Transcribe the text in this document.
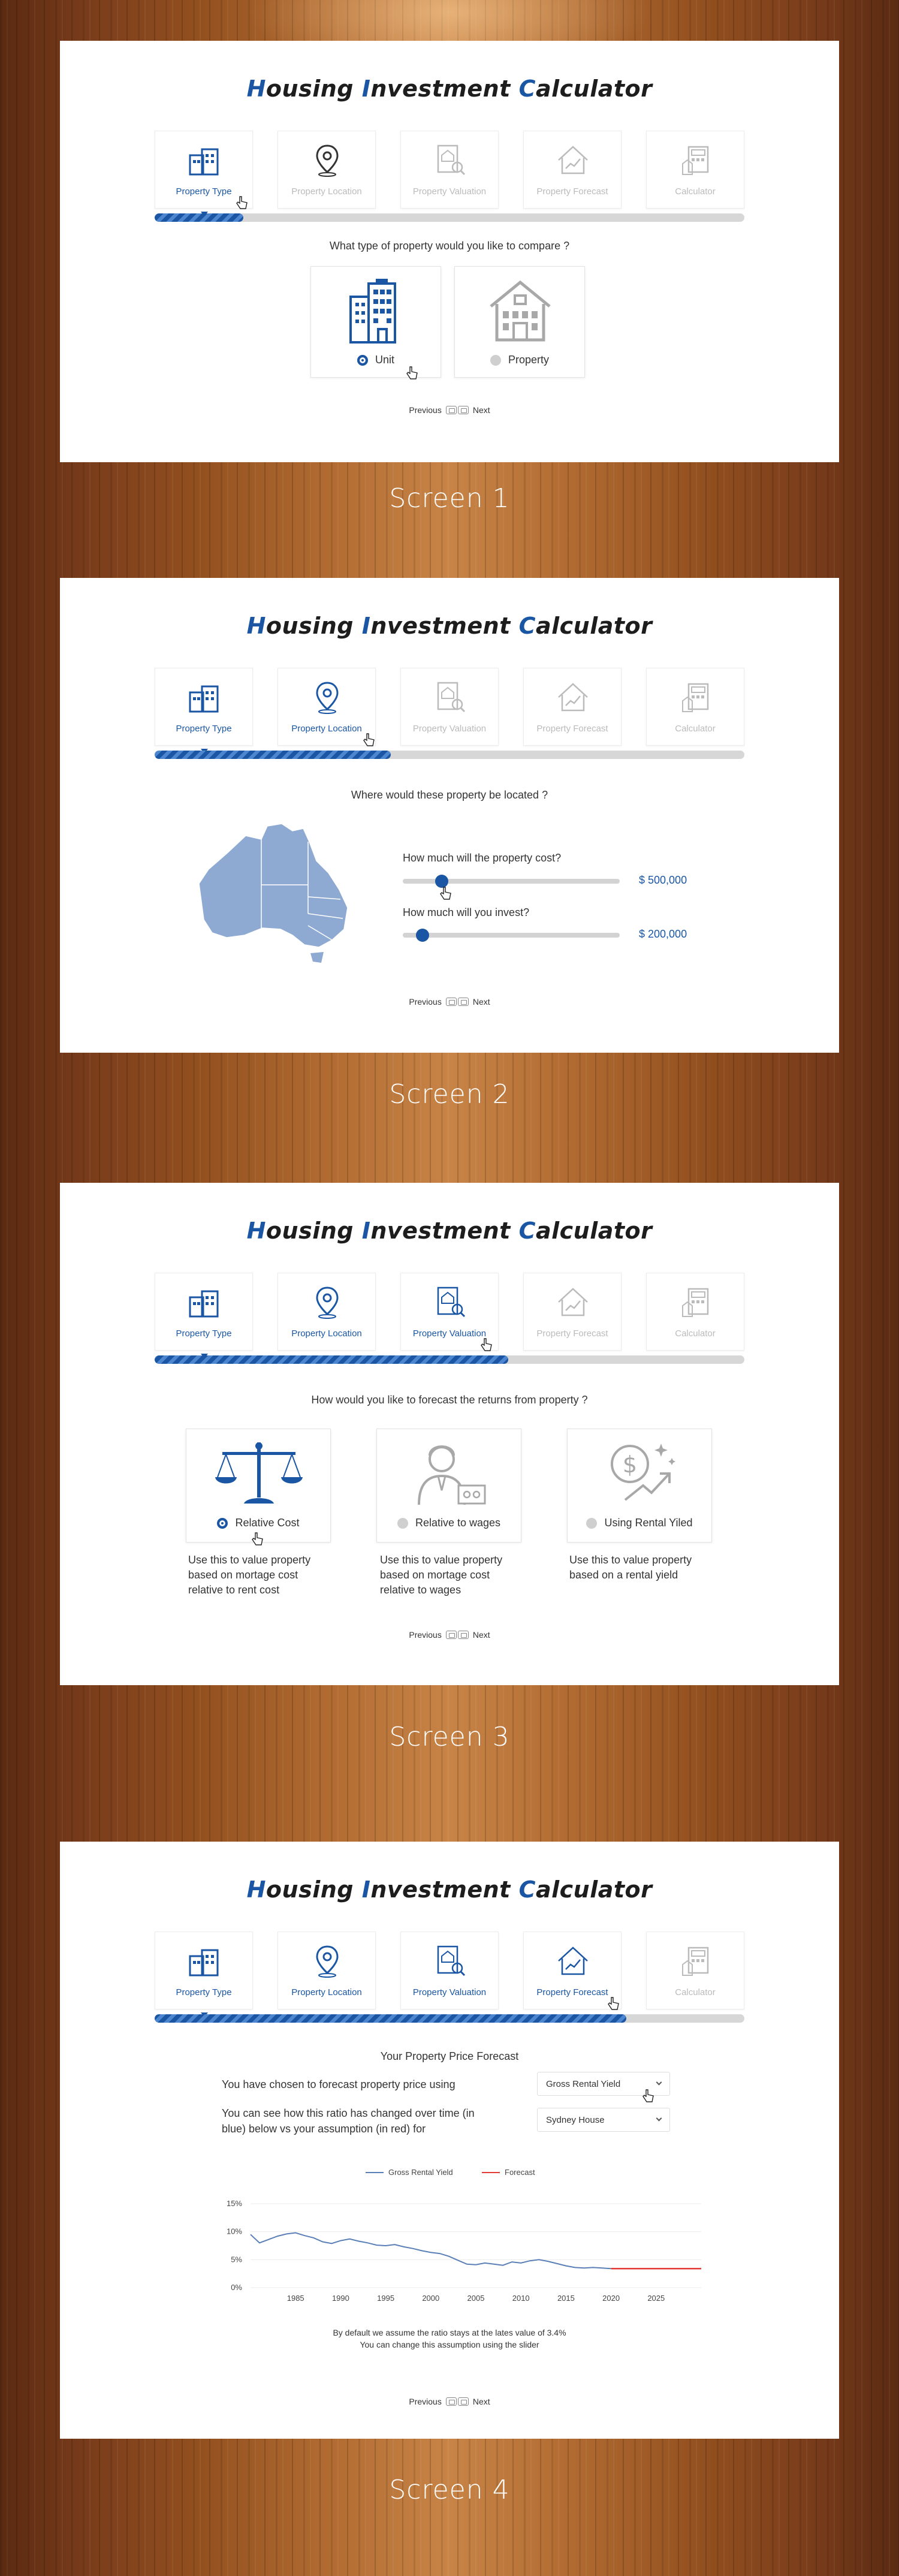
Housing Investment Calculator
Property Type	Property Location	Property Valuation	Property Forecast	Calculator
What type of property would you like to compare ?
Unit	Property
Previous	Next
Screen 1
Housing Investment Calculator
Property Type	Property Location	Property Valuation	Property Forecast	Calculator
Where would these property be located ?
How much will the property cost?
$ 500,000
How much will you invest?
$ 200,000
Previous	Next
Screen 2
Housing Investment Calculator
Property Type	Property Location	Property Valuation	Property Forecast	Calculator
How would you like to forecast the returns from property ?
Relative Cost
Use this to value property
based on mortage cost
relative to rent cost
Relative to wages
Use this to value property
based on mortage cost
relative to wages
$
Using Rental Yiled
Use this to value property
based on a rental yield
Previous	Next
Screen 3
Housing Investment Calculator
Property Type	Property Location	Property Valuation	Property Forecast	Calculator
Your Property Price Forecast
You have chosen to forecast property price using	Gross Rental Yield
You can see how this ratio has changed over time (in
blue) below vs your assumption (in red) for
Sydney House
Gross Rental Yield	Forecast
0%
5%
10%
15%
1985	1990	1995	2000	2005	2010	2015	2020	2025
By default we assume the ratio stays at the lates value of 3.4%
You can change this assumption using the slider
Previous	Next
Screen 4
